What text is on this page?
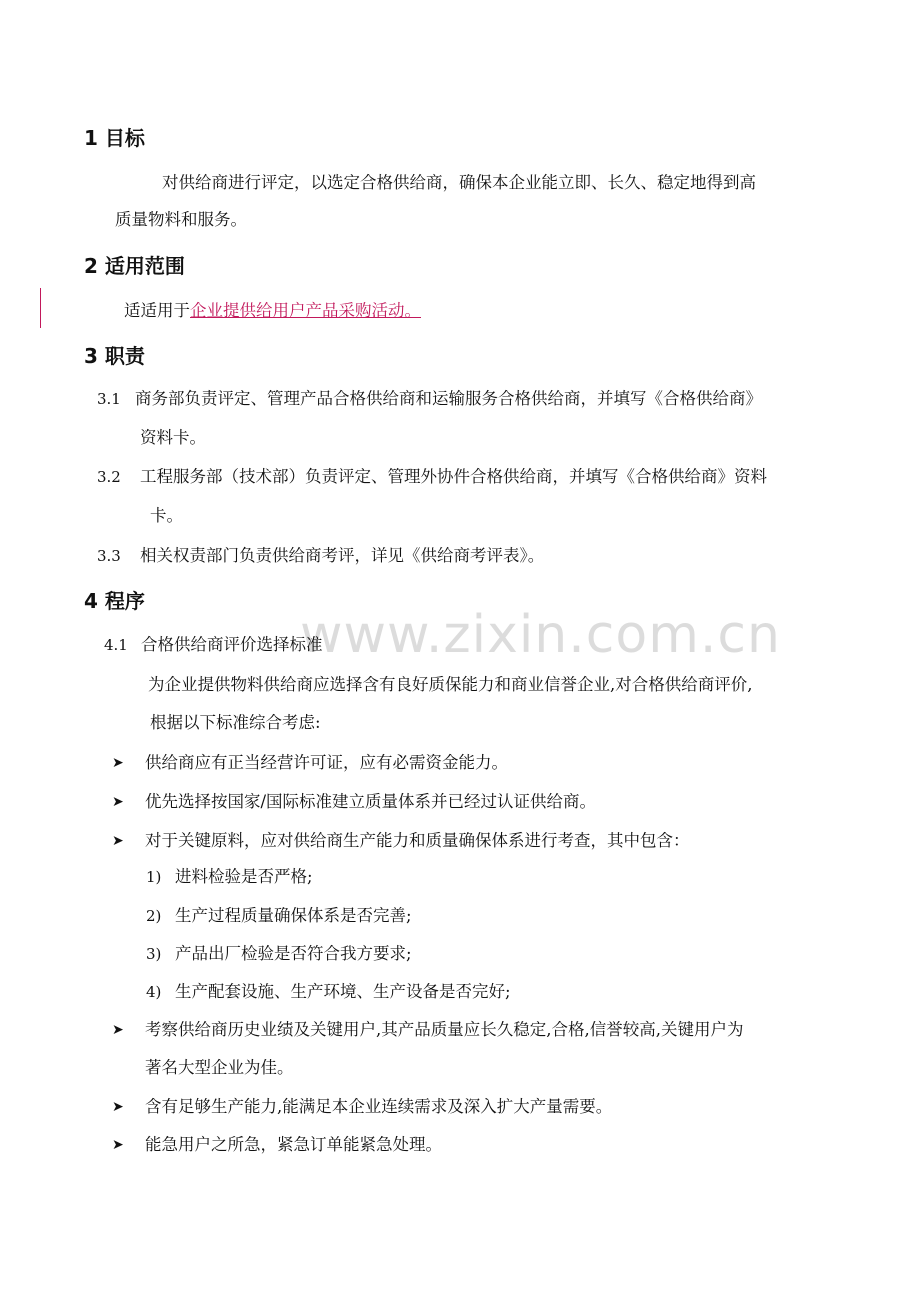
www.zixin.com.cn
1 目标
对供给商进行评定，以选定合格供给商，确保本企业能立即、长久、稳定地得到高
质量物料和服务。
2 适用范围
适适用于企业提供给用户产品采购活动。
3 职责
3.1 商务部负责评定、管理产品合格供给商和运输服务合格供给商，并填写《合格供给商》
资料卡。
3.2 工程服务部（技术部）负责评定、管理外协件合格供给商，并填写《合格供给商》资料
卡。
3.3 相关权责部门负责供给商考评，详见《供给商考评表》。
4 程序
4.1 合格供给商评价选择标准
为企业提供物料供给商应选择含有良好质保能力和商业信誉企业,对合格供给商评价,
根据以下标准综合考虑:
➤ 供给商应有正当经营许可证，应有必需资金能力。
➤ 优先选择按国家/国际标准建立质量体系并已经过认证供给商。
➤ 对于关键原料，应对供给商生产能力和质量确保体系进行考查，其中包含：
1) 进料检验是否严格;
2) 生产过程质量确保体系是否完善;
3) 产品出厂检验是否符合我方要求;
4) 生产配套设施、生产环境、生产设备是否完好;
➤ 考察供给商历史业绩及关键用户,其产品质量应长久稳定,合格,信誉较高,关键用户为
著名大型企业为佳。
➤ 含有足够生产能力,能满足本企业连续需求及深入扩大产量需要。
➤ 能急用户之所急，紧急订单能紧急处理。
